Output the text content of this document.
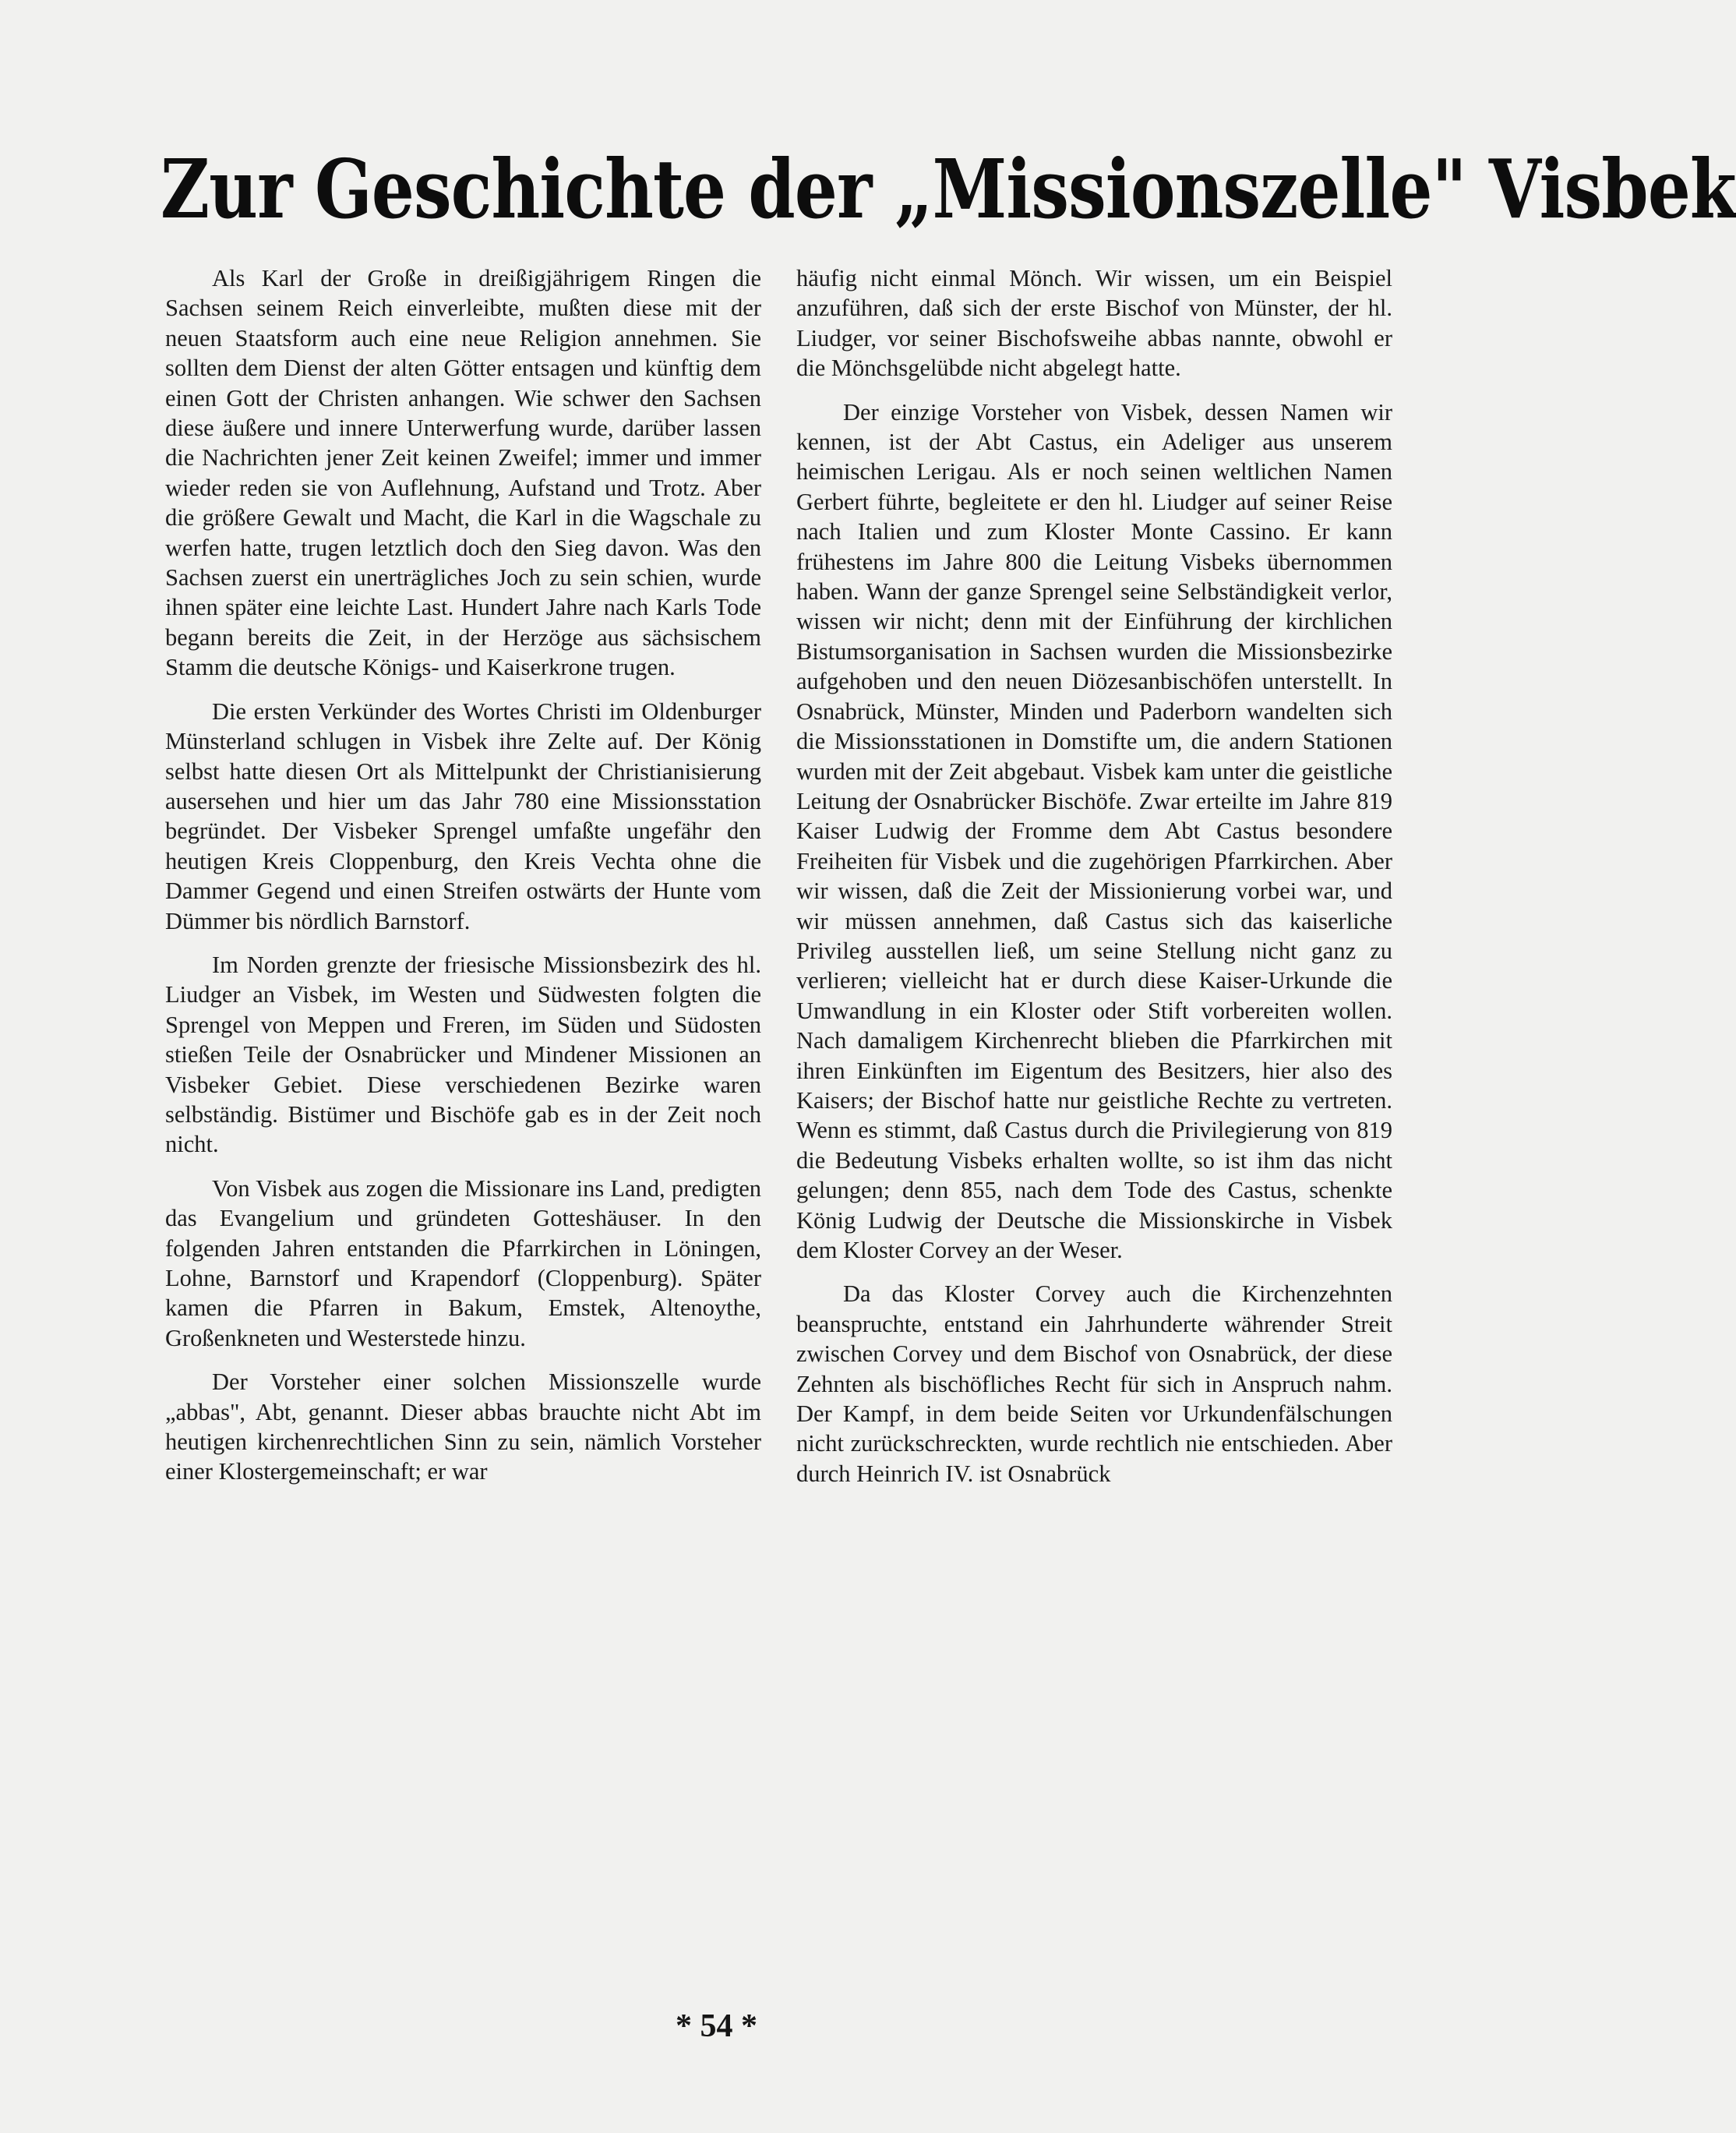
Zur Geschichte der „Missionszelle" Visbek

Als Karl der Große in dreißigjährigem Ringen die Sachsen seinem Reich einverleibte, mußten diese mit der neuen Staatsform auch eine neue Religion annehmen. Sie sollten dem Dienst der alten Götter entsagen und künftig dem einen Gott der Christen anhangen. Wie schwer den Sachsen diese äußere und innere Unterwerfung wurde, darüber lassen die Nachrichten jener Zeit keinen Zweifel; immer und immer wieder reden sie von Auflehnung, Aufstand und Trotz. Aber die größere Gewalt und Macht, die Karl in die Wagschale zu werfen hatte, trugen letztlich doch den Sieg davon. Was den Sachsen zuerst ein unerträgliches Joch zu sein schien, wurde ihnen später eine leichte Last. Hundert Jahre nach Karls Tode begann bereits die Zeit, in der Herzöge aus sächsischem Stamm die deutsche Königs- und Kaiserkrone trugen.

Die ersten Verkünder des Wortes Christi im Oldenburger Münsterland schlugen in Visbek ihre Zelte auf. Der König selbst hatte diesen Ort als Mittelpunkt der Christianisierung ausersehen und hier um das Jahr 780 eine Missionsstation begründet. Der Visbeker Sprengel umfaßte ungefähr den heutigen Kreis Cloppenburg, den Kreis Vechta ohne die Dammer Gegend und einen Streifen ostwärts der Hunte vom Dümmer bis nördlich Barnstorf.

Im Norden grenzte der friesische Missionsbezirk des hl. Liudger an Visbek, im Westen und Südwesten folgten die Sprengel von Meppen und Freren, im Süden und Südosten stießen Teile der Osnabrücker und Mindener Missionen an Visbeker Gebiet. Diese verschiedenen Bezirke waren selbständig. Bistümer und Bischöfe gab es in der Zeit noch nicht.

Von Visbek aus zogen die Missionare ins Land, predigten das Evangelium und gründeten Gotteshäuser. In den folgenden Jahren entstanden die Pfarrkirchen in Löningen, Lohne, Barnstorf und Krapendorf (Cloppenburg). Später kamen die Pfarren in Bakum, Emstek, Altenoythe, Großenkneten und Westerstede hinzu.

Der Vorsteher einer solchen Missionszelle wurde „abbas", Abt, genannt. Dieser abbas brauchte nicht Abt im heutigen kirchenrechtlichen Sinn zu sein, nämlich Vorsteher einer Klostergemeinschaft; er war

häufig nicht einmal Mönch. Wir wissen, um ein Beispiel anzuführen, daß sich der erste Bischof von Münster, der hl. Liudger, vor seiner Bischofsweihe abbas nannte, obwohl er die Mönchsgelübde nicht abgelegt hatte.

Der einzige Vorsteher von Visbek, dessen Namen wir kennen, ist der Abt Castus, ein Adeliger aus unserem heimischen Lerigau. Als er noch seinen weltlichen Namen Gerbert führte, begleitete er den hl. Liudger auf seiner Reise nach Italien und zum Kloster Monte Cassino. Er kann frühestens im Jahre 800 die Leitung Visbeks übernommen haben. Wann der ganze Sprengel seine Selbständigkeit verlor, wissen wir nicht; denn mit der Einführung der kirchlichen Bistumsorganisation in Sachsen wurden die Missionsbezirke aufgehoben und den neuen Diözesanbischöfen unterstellt. In Osnabrück, Münster, Minden und Paderborn wandelten sich die Missionsstationen in Domstifte um, die andern Stationen wurden mit der Zeit abgebaut. Visbek kam unter die geistliche Leitung der Osnabrücker Bischöfe. Zwar erteilte im Jahre 819 Kaiser Ludwig der Fromme dem Abt Castus besondere Freiheiten für Visbek und die zugehörigen Pfarrkirchen. Aber wir wissen, daß die Zeit der Missionierung vorbei war, und wir müssen annehmen, daß Castus sich das kaiserliche Privileg ausstellen ließ, um seine Stellung nicht ganz zu verlieren; vielleicht hat er durch diese Kaiser-Urkunde die Umwandlung in ein Kloster oder Stift vorbereiten wollen. Nach damaligem Kirchenrecht blieben die Pfarrkirchen mit ihren Einkünften im Eigentum des Besitzers, hier also des Kaisers; der Bischof hatte nur geistliche Rechte zu vertreten. Wenn es stimmt, daß Castus durch die Privilegierung von 819 die Bedeutung Visbeks erhalten wollte, so ist ihm das nicht gelungen; denn 855, nach dem Tode des Castus, schenkte König Ludwig der Deutsche die Missionskirche in Visbek dem Kloster Corvey an der Weser.

Da das Kloster Corvey auch die Kirchenzehnten beanspruchte, entstand ein Jahrhunderte währender Streit zwischen Corvey und dem Bischof von Osnabrück, der diese Zehnten als bischöfliches Recht für sich in Anspruch nahm. Der Kampf, in dem beide Seiten vor Urkundenfälschungen nicht zurückschreckten, wurde rechtlich nie entschieden. Aber durch Heinrich IV. ist Osnabrück

* 54 *
